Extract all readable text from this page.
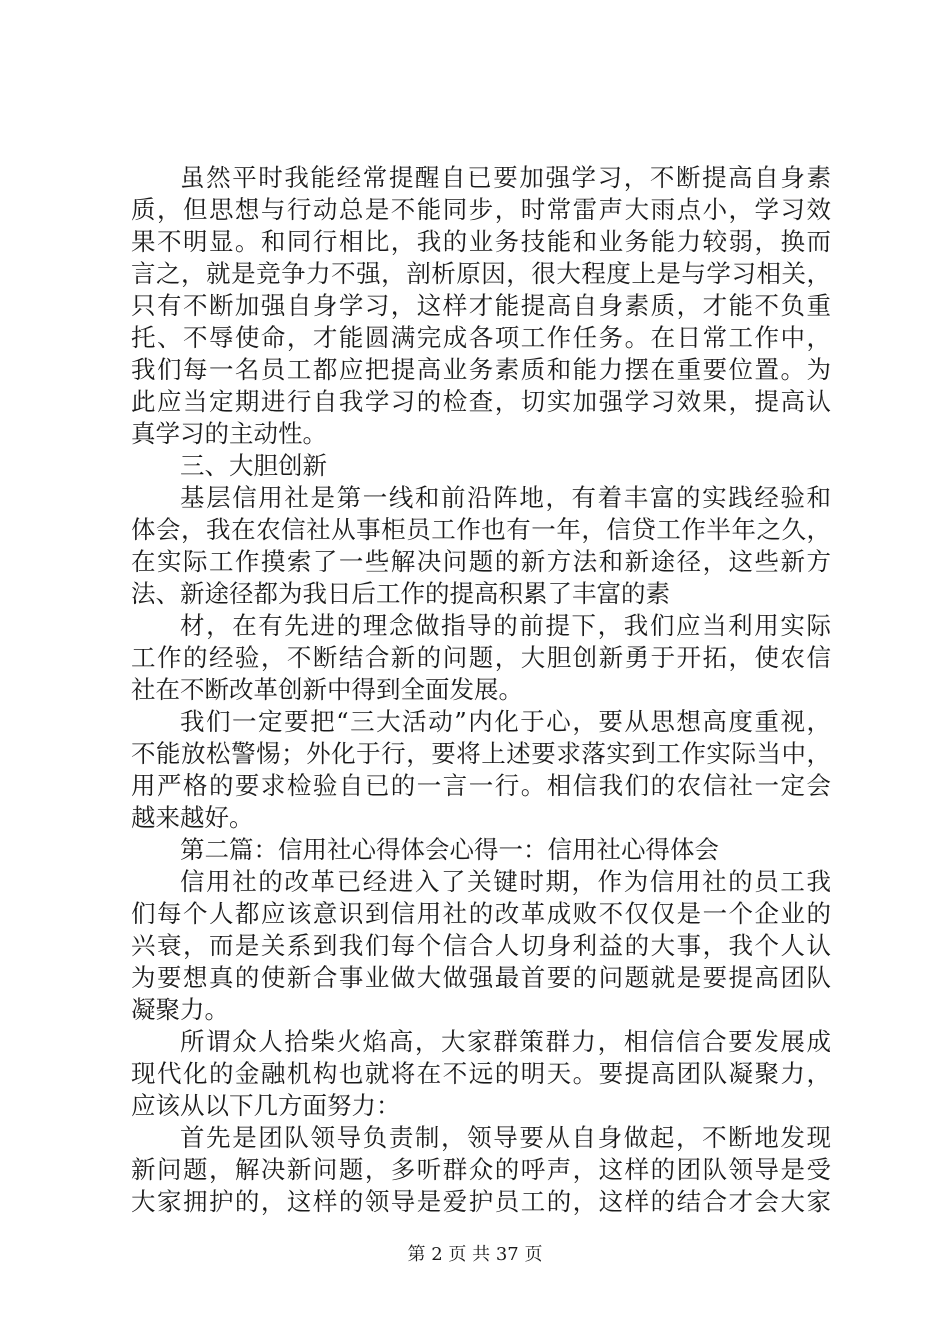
虽然平时我能经常提醒自已要加强学习，不断提高自身素
质，但思想与行动总是不能同步，时常雷声大雨点小，学习效
果不明显。和同行相比，我的业务技能和业务能力较弱，换而
言之，就是竞争力不强，剖析原因，很大程度上是与学习相关，
只有不断加强自身学习，这样才能提高自身素质，才能不负重
托、不辱使命，才能圆满完成各项工作任务。在日常工作中，
我们每一名员工都应把提高业务素质和能力摆在重要位置。为
此应当定期进行自我学习的检查，切实加强学习效果，提高认
真学习的主动性。
三、大胆创新
基层信用社是第一线和前沿阵地，有着丰富的实践经验和
体会，我在农信社从事柜员工作也有一年，信贷工作半年之久，
在实际工作摸索了一些解决问题的新方法和新途径，这些新方
法、新途径都为我日后工作的提高积累了丰富的素
材，在有先进的理念做指导的前提下，我们应当利用实际
工作的经验，不断结合新的问题，大胆创新勇于开拓，使农信
社在不断改革创新中得到全面发展。
我们一定要把“三大活动”内化于心，要从思想高度重视，
不能放松警惕；外化于行，要将上述要求落实到工作实际当中，
用严格的要求检验自已的一言一行。相信我们的农信社一定会
越来越好。
第二篇：信用社心得体会心得一：信用社心得体会
信用社的改革已经进入了关键时期，作为信用社的员工我
们每个人都应该意识到信用社的改革成败不仅仅是一个企业的
兴衰，而是关系到我们每个信合人切身利益的大事，我个人认
为要想真的使新合事业做大做强最首要的问题就是要提高团队
凝聚力。
所谓众人拾柴火焰高，大家群策群力，相信信合要发展成
现代化的金融机构也就将在不远的明天。要提高团队凝聚力，
应该从以下几方面努力：
首先是团队领导负责制，领导要从自身做起，不断地发现
新问题，解决新问题，多听群众的呼声，这样的团队领导是受
大家拥护的，这样的领导是爱护员工的，这样的结合才会大家
第 2 页 共 37 页
